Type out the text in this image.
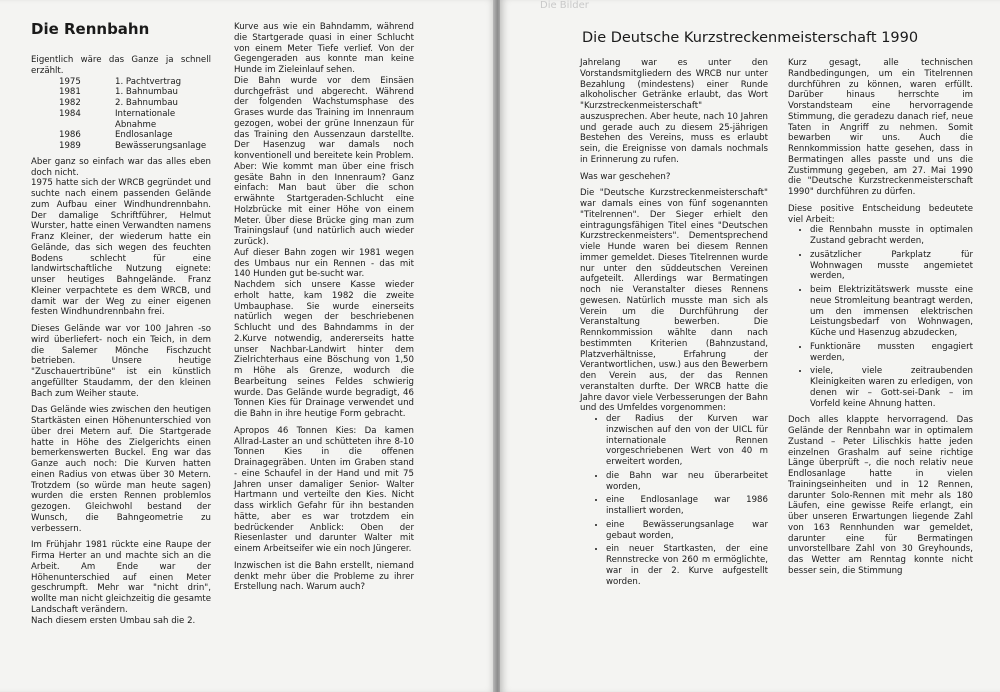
Die Rennbahn

Eigentlich wäre das Ganze ja schnell erzählt.

1975	1. Pachtvertrag
1981	1. Bahnumbau
1982	2. Bahnumbau
1984	Internationale Abnahme
1986	Endlosanlage
1989	Bewässerungsanlage

Aber ganz so einfach war das alles eben doch nicht.

1975 hatte sich der WRCB gegründet und suchte nach einem passenden Gelände zum Aufbau einer Windhundrennbahn. Der damalige Schriftführer, Helmut Wurster, hatte einen Verwandten namens Franz Kleiner, der wiederum hatte ein Gelände, das sich wegen des feuchten Bodens schlecht für eine landwirtschaftliche Nutzung eignete: unser heutiges Bahngelände. Franz Kleiner verpachtete es dem WRCB, und damit war der Weg zu einer eigenen festen Windhundrennbahn frei.

Dieses Gelände war vor 100 Jahren -so wird überliefert- noch ein Teich, in dem die Salemer Mönche Fischzucht betrieben. Unsere heutige "Zuschauertribüne" ist ein künstlich angefüllter Staudamm, der den kleinen Bach zum Weiher staute.

Das Gelände wies zwischen den heutigen Startkästen einen Höhenunterschied von über drei Metern auf. Die Startgerade hatte in Höhe des Zielgerichts einen bemerkenswerten Buckel. Eng war das Ganze auch noch: Die Kurven hatten einen Radius von etwas über 30 Metern. Trotzdem (so würde man heute sagen) wurden die ersten Rennen problemlos gezogen. Gleichwohl bestand der Wunsch, die Bahngeometrie zu verbessern.

Im Frühjahr 1981 rückte eine Raupe der Firma Herter an und machte sich an die Arbeit. Am Ende war der Höhenunterschied auf einen Meter geschrumpft. Mehr war "nicht drin", wollte man nicht gleichzeitig die gesamte Landschaft verändern.

Nach diesem ersten Umbau sah die 2.

Kurve aus wie ein Bahndamm, während die Startgerade quasi in einer Schlucht von einem Meter Tiefe verlief. Von der Gegengeraden aus konnte man keine Hunde im Zieleinlauf sehen.

Die Bahn wurde vor dem Einsäen durchgefräst und abgerecht. Während der folgenden Wachstumsphase des Grases wurde das Training im Innenraum gezogen, wobei der grüne Innenzaun für das Training den Aussenzaun darstellte. Der Hasenzug war damals noch konventionell und bereitete kein Problem.

Aber: Wie kommt man über eine frisch gesäte Bahn in den Innenraum? Ganz einfach: Man baut über die schon erwähnte Startgeraden-Schlucht eine Holzbrücke mit einer Höhe von einem Meter. Über diese Brücke ging man zum Trainingslauf (und natürlich auch wieder zurück).

Auf dieser Bahn zogen wir 1981 wegen des Umbaus nur ein Rennen - das mit 140 Hunden gut be-sucht war.

Nachdem sich unsere Kasse wieder erholt hatte, kam 1982 die zweite Umbauphase. Sie wurde einerseits natürlich wegen der beschriebenen Schlucht und des Bahndamms in der 2.Kurve notwendig, andererseits hatte unser Nachbar-Landwirt hinter dem Zielrichterhaus eine Böschung von 1,50 m Höhe als Grenze, wodurch die Bearbeitung seines Feldes schwierig wurde. Das Gelände wurde begradigt, 46 Tonnen Kies für Drainage verwendet und die Bahn in ihre heutige Form gebracht.

Apropos 46 Tonnen Kies: Da kamen Allrad-Laster an und schütteten ihre 8-10 Tonnen Kies in die offenen Drainagegräben. Unten im Graben stand - eine Schaufel in der Hand und mit 75 Jahren unser damaliger Senior- Walter Hartmann und verteilte den Kies. Nicht dass wirklich Gefahr für ihn bestanden hätte, aber es war trotzdem ein bedrückender Anblick: Oben der Riesenlaster und darunter Walter mit einem Arbeitseifer wie ein noch Jüngerer.

Inzwischen ist die Bahn erstellt, niemand denkt mehr über die Probleme zu ihrer Erstellung nach. Warum auch?

Die Bilder
Die Deutsche Kurzstreckenmeisterschaft 1990

Jahrelang war es unter den Vorstandsmitgliedern des WRCB nur unter Bezahlung (mindestens) einer Runde alkoholischer Getränke erlaubt, das Wort "Kurzstreckenmeisterschaft" auszusprechen. Aber heute, nach 10 Jahren und gerade auch zu diesem 25-jährigen Bestehen des Vereins, muss es erlaubt sein, die Ereignisse von damals nochmals in Erinnerung zu rufen.

Was war geschehen?

Die "Deutsche Kurzstreckenmeisterschaft" war damals eines von fünf sogenannten "Titelrennen". Der Sieger erhielt den eintragungsfähigen Titel eines "Deutschen Kurzstreckenmeisters". Dementsprechend viele Hunde waren bei diesem Rennen immer gemeldet. Dieses Titelrennen wurde nur unter den süddeutschen Vereinen aufgeteilt. Allerdings war Bermatingen noch nie Veranstalter dieses Rennens gewesen. Natürlich musste man sich als Verein um die Durchführung der Veranstaltung bewerben. Die Rennkommission wählte dann nach bestimmten Kriterien (Bahnzustand, Platzverhältnisse, Erfahrung der Verantwortlichen, usw.) aus den Bewerbern den Verein aus, der das Rennen veranstalten durfte. Der WRCB hatte die Jahre davor viele Verbesserungen der Bahn und des Umfeldes vorgenommen:

• der Radius der Kurven war inzwischen auf den von der UICL für internationale Rennen vorgeschriebenen Wert von 40 m erweitert worden,
• die Bahn war neu überarbeitet worden,
• eine Endlosanlage war 1986 installiert worden,
• eine Bewässerungsanlage war gebaut worden,
• ein neuer Startkasten, der eine Rennstrecke von 260 m ermöglichte, war in der 2. Kurve aufgestellt worden.

Kurz gesagt, alle technischen Randbedingungen, um ein Titelrennen durchführen zu können, waren erfüllt. Darüber hinaus herrschte im Vorstandsteam eine hervorragende Stimmung, die geradezu danach rief, neue Taten in Angriff zu nehmen. Somit bewarben wir uns. Auch die Rennkommission hatte gesehen, dass in Bermatingen alles passte und uns die Zustimmung gegeben, am 27. Mai 1990 die "Deutsche Kurzstreckenmeisterschaft 1990" durchführen zu dürfen.

Diese positive Entscheidung bedeutete viel Arbeit:

• die Rennbahn musste in optimalen Zustand gebracht werden,
• zusätzlicher Parkplatz für Wohnwagen musste angemietet werden,
• beim Elektrizitätswerk musste eine neue Stromleitung beantragt werden, um den immensen elektrischen Leistungsbedarf von Wohnwagen, Küche und Hasenzug abzudecken,
• Funktionäre mussten engagiert werden,
• viele, viele zeitraubenden Kleinigkeiten waren zu erledigen, von denen wir – Gott-sei-Dank – im Vorfeld keine Ahnung hatten.

Doch alles klappte hervorragend. Das Gelände der Rennbahn war in optimalem Zustand – Peter Lilischkis hatte jeden einzelnen Grashalm auf seine richtige Länge überprüft –, die noch relativ neue Endlosanlage hatte in vielen Trainingseinheiten und in 12 Rennen, darunter Solo-Rennen mit mehr als 180 Läufen, eine gewisse Reife erlangt, ein über unseren Erwartungen liegende Zahl von 163 Rennhunden war gemeldet, darunter eine für Bermatingen unvorstellbare Zahl von 30 Greyhounds, das Wetter am Renntag konnte nicht besser sein, die Stimmung
